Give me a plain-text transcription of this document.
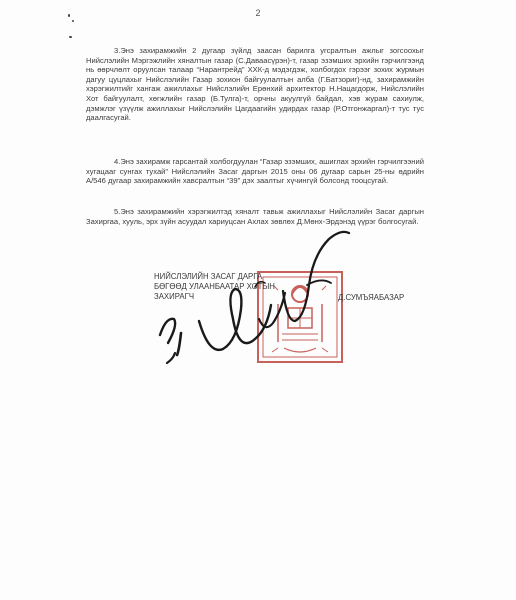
2

3.Энэ захирамжийн 2 дугаар зүйлд заасан барилга угсралтын ажлыг зогсоохыг Нийслэлийн Мэргэжлийн хяналтын газар (С.Даваасүрэн)-т, газар эзэмших эрхийн гэрчилгээнд нь өөрчлөлт оруулсан талаар “Нарантрейд” ХХК-д мэдэгдэж, холбогдох гэрээг зохих журмын дагуу цуцлахыг Нийслэлийн Газар зохион байгуулалтын алба (Г.Батзориг)-нд, захирамжийн хэрэгжилтийг хангаж ажиллахыг Нийслэлийн Ерөнхий архитектор Н.Нацагдорж, Нийслэлийн Хот байгуулалт, хөгжлийн газар (Б.Тулга)-т, орчны акуулгүй байдал, хэв журам сахиулж, дэмжлэг үзүүлж ажиллахыг Нийслэлийн Цагдаагийн удирдах газар (Р.Отгонжаргал)-т тус тус даалгасугай.

4.Энэ захирамж гарсантай холбогдуулан “Газар эзэмших, ашиглах эрхийн гэрчилгээний хугацааг сунгах тухай” Нийслэлийн Засаг даргын 2015 оны 06 дугаар сарын 25-ны өдрийн А/546 дугаар захирамжийн хавсралтын “39” дэх заалтыг хүчингүй болсонд тооцсугай.

5.Энэ захирамжийн хэрэгжилтэд хяналт тавьж ажиллахыг Нийслэлийн Засаг даргын Захиргаа, хууль, эрх зүйн асуудал хариуцсан Ахлах зөвлөх Д.Мөнх-Эрдэнэд үүрэг болгосугай.

НИЙСЛЭЛИЙН ЗАСАГ ДАРГА
БӨГӨӨД УЛААНБААТАР ХОТЫН
ЗАХИРАГЧ	Д.СУМЪЯАБАЗАР
